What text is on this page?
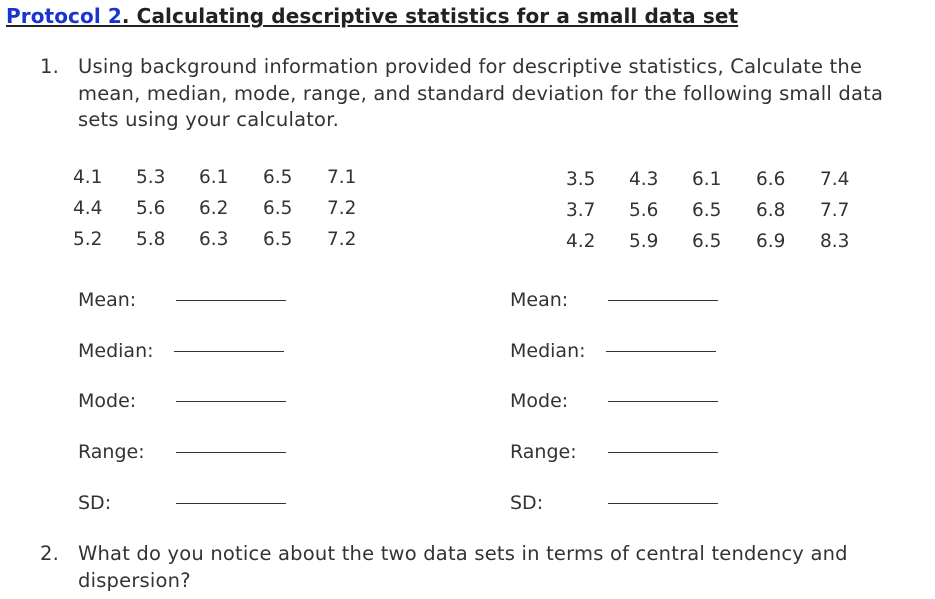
Protocol 2. Calculating descriptive statistics for a small data set
1. Using background information provided for descriptive statistics, Calculate the mean, median, mode, range, and standard deviation for the following small data sets using your calculator.
4.1 5.3 6.1 6.5 7.1
4.4 5.6 6.2 6.5 7.2
5.2 5.8 6.3 6.5 7.2
3.5 4.3 6.1 6.6 7.4
3.7 5.6 6.5 6.8 7.7
4.2 5.9 6.5 6.9 8.3
Mean:
Median:
Mode:
Range:
SD:
Mean:
Median:
Mode:
Range:
SD:
2. What do you notice about the two data sets in terms of central tendency and dispersion?
